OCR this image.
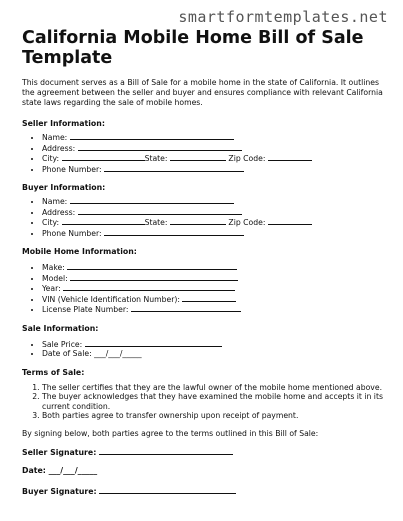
smartformtemplates.net
California Mobile Home Bill of Sale Template

This document serves as a Bill of Sale for a mobile home in the state of California. It outlines the agreement between the seller and buyer and ensures compliance with relevant California state laws regarding the sale of mobile homes.

Seller Information:

• Name:
• Address:
• City:	State:	Zip Code:
• Phone Number:

Buyer Information:

• Name:
• Address:
• City:	State:	Zip Code:
• Phone Number:

Mobile Home Information:

• Make:
• Model:
• Year:
• VIN (Vehicle Identification Number):
• License Plate Number:

Sale Information:

• Sale Price:
• Date of Sale: ___/___/_____

Terms of Sale:

1. The seller certifies that they are the lawful owner of the mobile home mentioned above.
2. The buyer acknowledges that they have examined the mobile home and accepts it in its current condition.
3. Both parties agree to transfer ownership upon receipt of payment.

By signing below, both parties agree to the terms outlined in this Bill of Sale:

Seller Signature:

Date: ___/___/_____

Buyer Signature:
